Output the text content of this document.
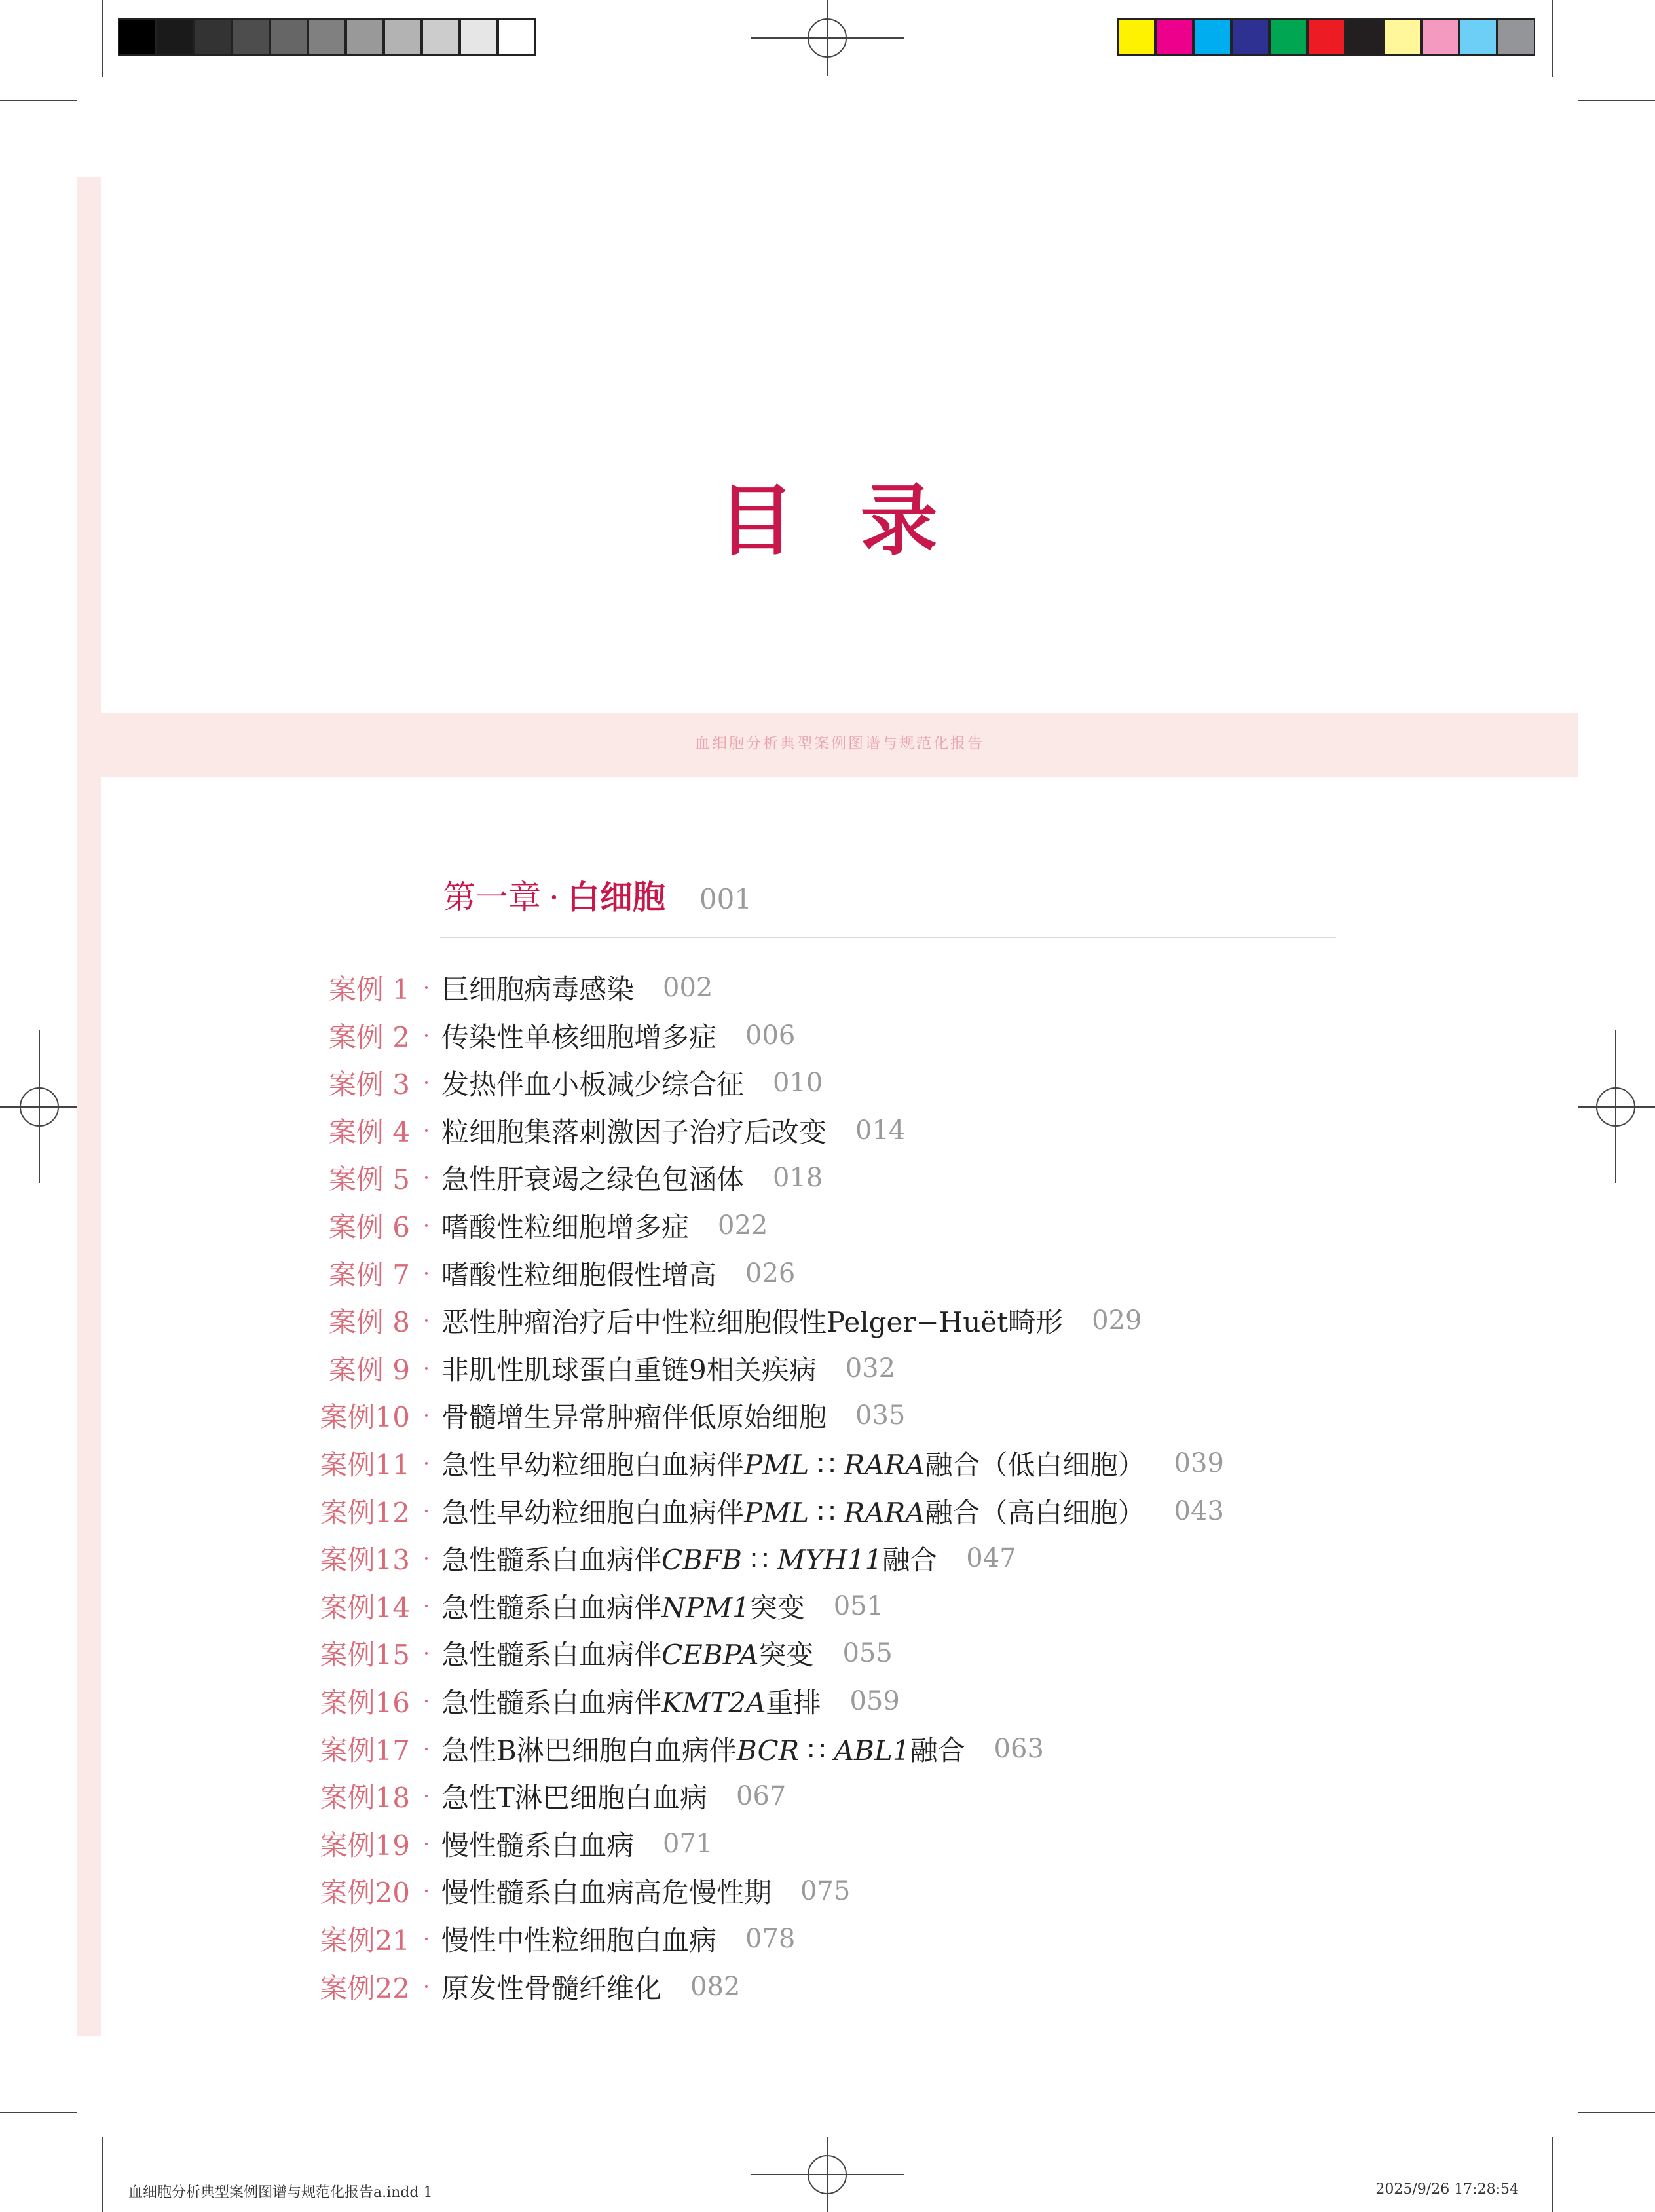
血细胞分析典型案例图谱与规范化报告
目录
第一章 · 白细胞 001
案例 1 · 巨细胞病毒感染 002
案例 2 · 传染性单核细胞增多症 006
案例 3 · 发热伴血小板减少综合征 010
案例 4 · 粒细胞集落刺激因子治疗后改变 014
案例 5 · 急性肝衰竭之绿色包涵体 018
案例 6 · 嗜酸性粒细胞增多症 022
案例 7 · 嗜酸性粒细胞假性增高 026
案例 8 · 恶性肿瘤治疗后中性粒细胞假性Pelger−Huët畸形 029
案例 9 · 非肌性肌球蛋白重链9相关疾病 032
案例10 · 骨髓增生异常肿瘤伴低原始细胞 035
案例11 · 急性早幼粒细胞白血病伴PML ∷ RARA融合（低白细胞） 039
案例12 · 急性早幼粒细胞白血病伴PML ∷ RARA融合（高白细胞） 043
案例13 · 急性髓系白血病伴CBFB ∷ MYH11融合 047
案例14 · 急性髓系白血病伴NPM1突变 051
案例15 · 急性髓系白血病伴CEBPA突变 055
案例16 · 急性髓系白血病伴KMT2A重排 059
案例17 · 急性B淋巴细胞白血病伴BCR ∷ ABL1融合 063
案例18 · 急性T淋巴细胞白血病 067
案例19 · 慢性髓系白血病 071
案例20 · 慢性髓系白血病高危慢性期 075
案例21 · 慢性中性粒细胞白血病 078
案例22 · 原发性骨髓纤维化 082
血细胞分析典型案例图谱与规范化报告a.indd 1	2025/9/26 17:28:54
